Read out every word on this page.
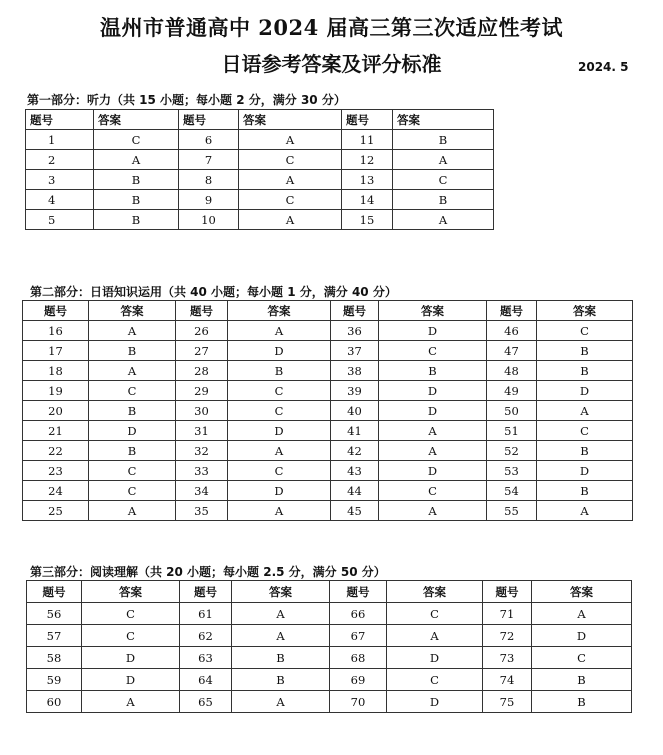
温州市普通高中 2024 届高三第三次适应性考试
日语参考答案及评分标准	2024. 5
第一部分：听力（共 15 小题；每小题 2 分，满分 30 分）
题号	答案	题号	答案	题号	答案
1	C	6	A	11	B
2	A	7	C	12	A
3	B	8	A	13	C
4	B	9	C	14	B
5	B	10	A	15	A
第二部分：日语知识运用（共 40 小题；每小题 1 分，满分 40 分）
题号	答案	题号	答案	题号	答案	题号	答案
16	A	26	A	36	D	46	C
17	B	27	D	37	C	47	B
18	A	28	B	38	B	48	B
19	C	29	C	39	D	49	D
20	B	30	C	40	D	50	A
21	D	31	D	41	A	51	C
22	B	32	A	42	A	52	B
23	C	33	C	43	D	53	D
24	C	34	D	44	C	54	B
25	A	35	A	45	A	55	A
第三部分：阅读理解（共 20 小题；每小题 2.5 分，满分 50 分）
题号	答案	题号	答案	题号	答案	题号	答案
56	C	61	A	66	C	71	A
57	C	62	A	67	A	72	D
58	D	63	B	68	D	73	C
59	D	64	B	69	C	74	B
60	A	65	A	70	D	75	B
